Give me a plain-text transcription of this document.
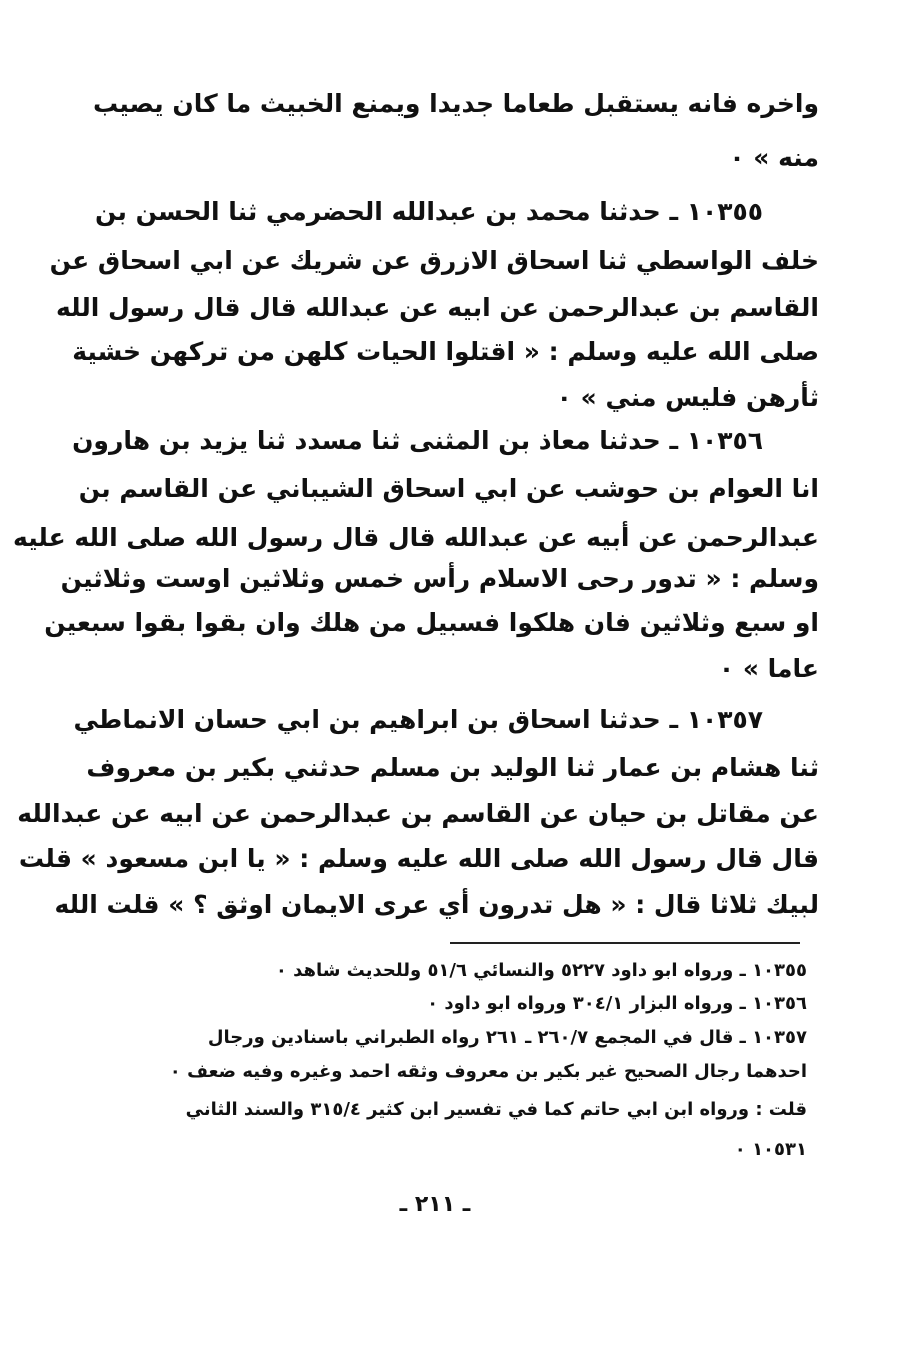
واخره فانه يستقبل طعاما جديدا ويمنع الخبيث ما كان يصيب
منه » ٠
١٠٣٥٥ ـ حدثنا محمد بن عبدالله الحضرمي ثنا الحسن بن
خلف الواسطي ثنا اسحاق الازرق عن شريك عن ابي اسحاق عن
القاسم بن عبدالرحمن عن ابيه عن عبدالله قال قال رسول الله
صلى الله عليه وسلم : « اقتلوا الحيات كلهن من تركهن خشية
ثأرهن فليس مني » ٠
١٠٣٥٦ ـ حدثنا معاذ بن المثنى ثنا مسدد ثنا يزيد بن هارون
انا العوام بن حوشب عن ابي اسحاق الشيباني عن القاسم بن
عبدالرحمن عن أبيه عن عبدالله قال قال رسول الله صلى الله عليه
وسلم : « تدور رحى الاسلام رأس خمس وثلاثين اوست وثلاثين
او سبع وثلاثين فان هلكوا فسبيل من هلك وان بقوا بقوا سبعين
عاما » ٠
١٠٣٥٧ ـ حدثنا اسحاق بن ابراهيم بن ابي حسان الانماطي
ثنا هشام بن عمار ثنا الوليد بن مسلم حدثني بكير بن معروف
عن مقاتل بن حيان عن القاسم بن عبدالرحمن عن ابيه عن عبدالله
قال قال رسول الله صلى الله عليه وسلم : « يا ابن مسعود » قلت
لبيك ثلاثا قال : « هل تدرون أي عرى الايمان اوثق ؟ » قلت الله
١٠٣٥٥ ـ ورواه ابو داود ٥٢٢٧ والنسائي ٥١/٦ وللحديث شاهد ٠
١٠٣٥٦ ـ ورواه البزار ٣٠٤/١ ورواه ابو داود ٠
١٠٣٥٧ ـ قال في المجمع ٢٦٠/٧ ـ ٢٦١ رواه الطبراني باسنادين ورجال
احدهما رجال الصحيح غير بكير بن معروف وثقه احمد وغيره وفيه ضعف ٠
قلت : ورواه ابن ابي حاتم كما في تفسير ابن كثير ٣١٥/٤ والسند الثاني
١٠٥٣١ ٠
ـ ٢١١ ـ
